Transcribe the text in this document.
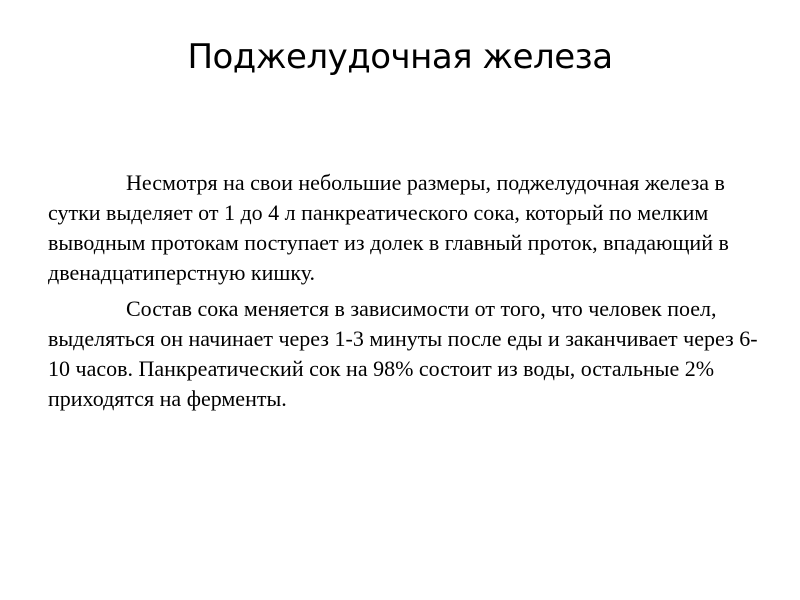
Поджелудочная железа

Несмотря на свои небольшие размеры, поджелудочная железа в сутки выделяет от 1 до 4 л панкреатического сока, который по мелким выводным протокам поступает из долек в главный проток, впадающий в двенадцатиперстную кишку.

Состав сока меняется в зависимости от того, что человек поел, выделяться он начинает через 1-3 минуты после еды и заканчивает через 6-10 часов. Панкреатический сок на 98% состоит из воды, остальные 2% приходятся на ферменты.
